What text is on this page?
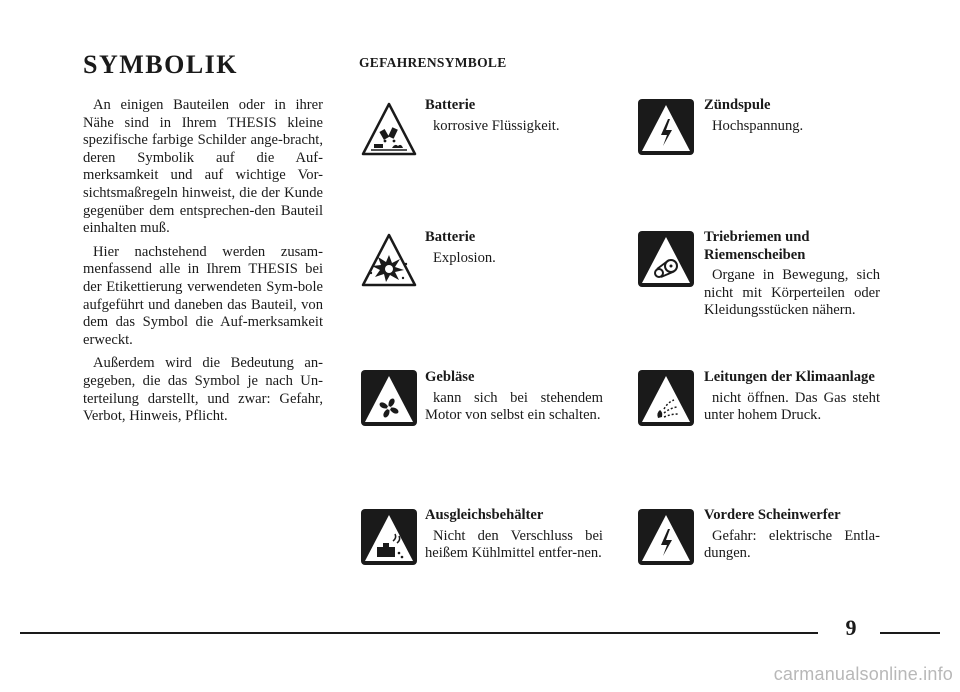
SYMBOLIK

An einigen Bauteilen oder in ihrer Nähe sind in Ihrem THESIS kleine spezifische farbige Schilder ange-bracht, deren Symbolik auf die Auf-merksamkeit und auf wichtige Vor-sichtsmaßregeln hinweist, die der Kunde gegenüber dem entsprechen-den Bauteil einhalten muß.

Hier nachstehend werden zusam-menfassend alle in Ihrem THESIS bei der Etikettierung verwendeten Sym-bole aufgeführt und daneben das Bauteil, von dem das Symbol die Auf-merksamkeit erweckt.

Außerdem wird die Bedeutung an-gegeben, die das Symbol je nach Un-terteilung darstellt, und zwar: Gefahr, Verbot, Hinweis, Pflicht.

GEFAHRENSYMBOLE

Batterie

korrosive Flüssigkeit.

Zündspule

Hochspannung.

Batterie

Explosion.

Triebriemen und Riemenscheiben

Organe in Bewegung, sich nicht mit Körperteilen oder Kleidungsstücken nähern.

Gebläse

kann sich bei stehendem Motor von selbst ein schalten.

Leitungen der Klimaanlage

nicht öffnen. Das Gas steht unter hohem Druck.

Ausgleichsbehälter

Nicht den Verschluss bei heißem Kühlmittel entfer-nen.

Vordere Scheinwerfer

Gefahr: elektrische Entla-dungen.

9
carmanualsonline.info
